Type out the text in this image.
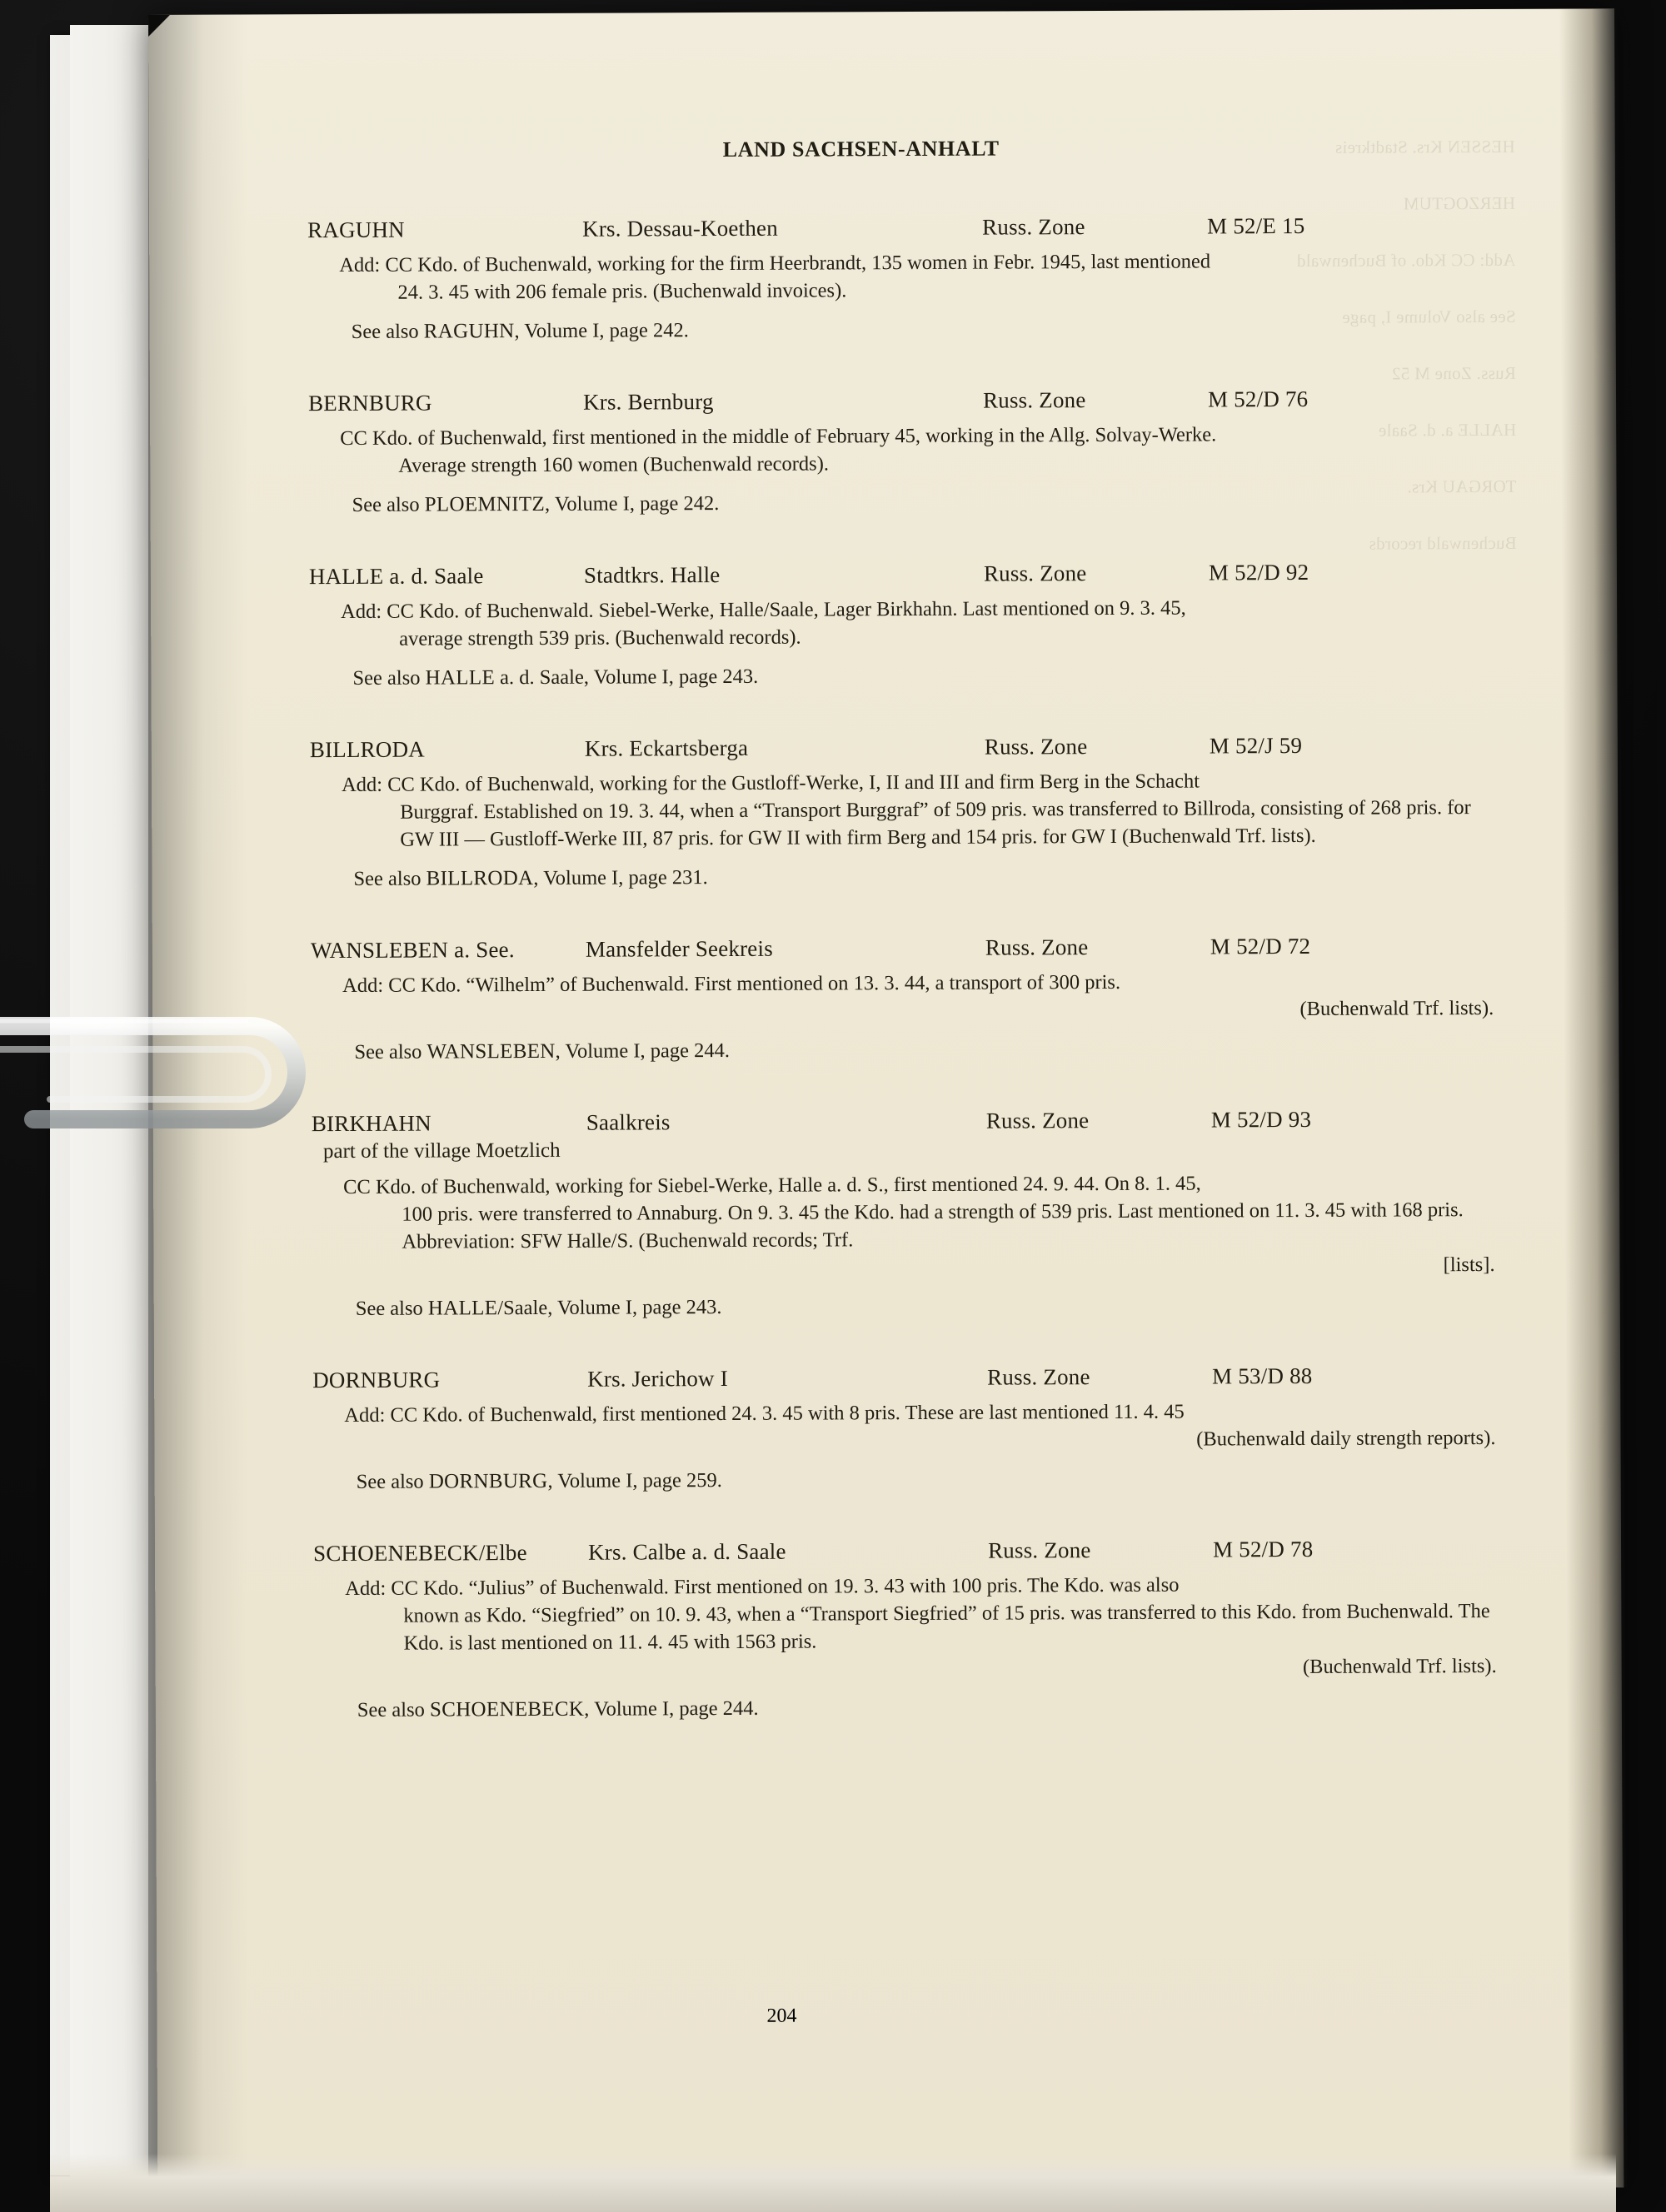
HESSEN Krs. Stadtkreis

HERZOGTUM

Add: CC Kdo. of Buchenwald

See also Volume I, page

Russ. Zone M 52

HALLE a. d. Saale

TORGAU Krs.

Buchenwald records

LAND SACHSEN-ANHALT
RAGUHN	Krs. Dessau-Koethen	Russ. Zone	M 52/E 15

Add: CC Kdo. of Buchenwald, working for the firm Heerbrandt, 135 women in Febr. 1945, last mentioned
24. 3. 45 with 206 female pris. (Buchenwald invoices).

See also RAGUHN, Volume I, page 242.

BERNBURG	Krs. Bernburg	Russ. Zone	M 52/D 76

CC Kdo. of Buchenwald, first mentioned in the middle of February 45, working in the Allg. Solvay-Werke.
Average strength 160 women (Buchenwald records).

See also PLOEMNITZ, Volume I, page 242.

HALLE a. d. Saale	Stadtkrs. Halle	Russ. Zone	M 52/D 92

Add: CC Kdo. of Buchenwald. Siebel-Werke, Halle/Saale, Lager Birkhahn. Last mentioned on 9. 3. 45,
average strength 539 pris. (Buchenwald records).

See also HALLE a. d. Saale, Volume I, page 243.

BILLRODA	Krs. Eckartsberga	Russ. Zone	M 52/J 59

Add: CC Kdo. of Buchenwald, working for the Gustloff-Werke, I, II and III and firm Berg in the Schacht
Burggraf. Established on 19. 3. 44, when a “Transport Burggraf” of 509 pris. was transferred to Billroda, consisting of 268 pris. for GW III — Gustloff-Werke III, 87 pris. for GW II with firm Berg and 154 pris. for GW I (Buchenwald Trf. lists).

See also BILLRODA, Volume I, page 231.

WANSLEBEN a. See.	Mansfelder Seekreis	Russ. Zone	M 52/D 72

Add: CC Kdo. “Wilhelm” of Buchenwald. First mentioned on 13. 3. 44, a transport of 300 pris.
(Buchenwald Trf. lists).

See also WANSLEBEN, Volume I, page 244.

BIRKHAHN	Saalkreis	Russ. Zone	M 52/D 93
part of the village Moetzlich

CC Kdo. of Buchenwald, working for Siebel-Werke, Halle a. d. S., first mentioned 24. 9. 44. On 8. 1. 45,
100 pris. were transferred to Annaburg. On 9. 3. 45 the Kdo. had a strength of 539 pris. Last mentioned on 11. 3. 45 with 168 pris. Abbreviation: SFW Halle/S. (Buchenwald records; Trf.
[lists].

See also HALLE/Saale, Volume I, page 243.

DORNBURG	Krs. Jerichow I	Russ. Zone	M 53/D 88

Add: CC Kdo. of Buchenwald, first mentioned 24. 3. 45 with 8 pris. These are last mentioned 11. 4. 45
(Buchenwald daily strength reports).

See also DORNBURG, Volume I, page 259.

SCHOENEBECK/Elbe	Krs. Calbe a. d. Saale	Russ. Zone	M 52/D 78

Add: CC Kdo. “Julius” of Buchenwald. First mentioned on 19. 3. 43 with 100 pris. The Kdo. was also
known as Kdo. “Siegfried” on 10. 9. 43, when a “Transport Siegfried” of 15 pris. was transferred to this Kdo. from Buchenwald. The Kdo. is last mentioned on 11. 4. 45 with 1563 pris.
(Buchenwald Trf. lists).

See also SCHOENEBECK, Volume I, page 244.

204
